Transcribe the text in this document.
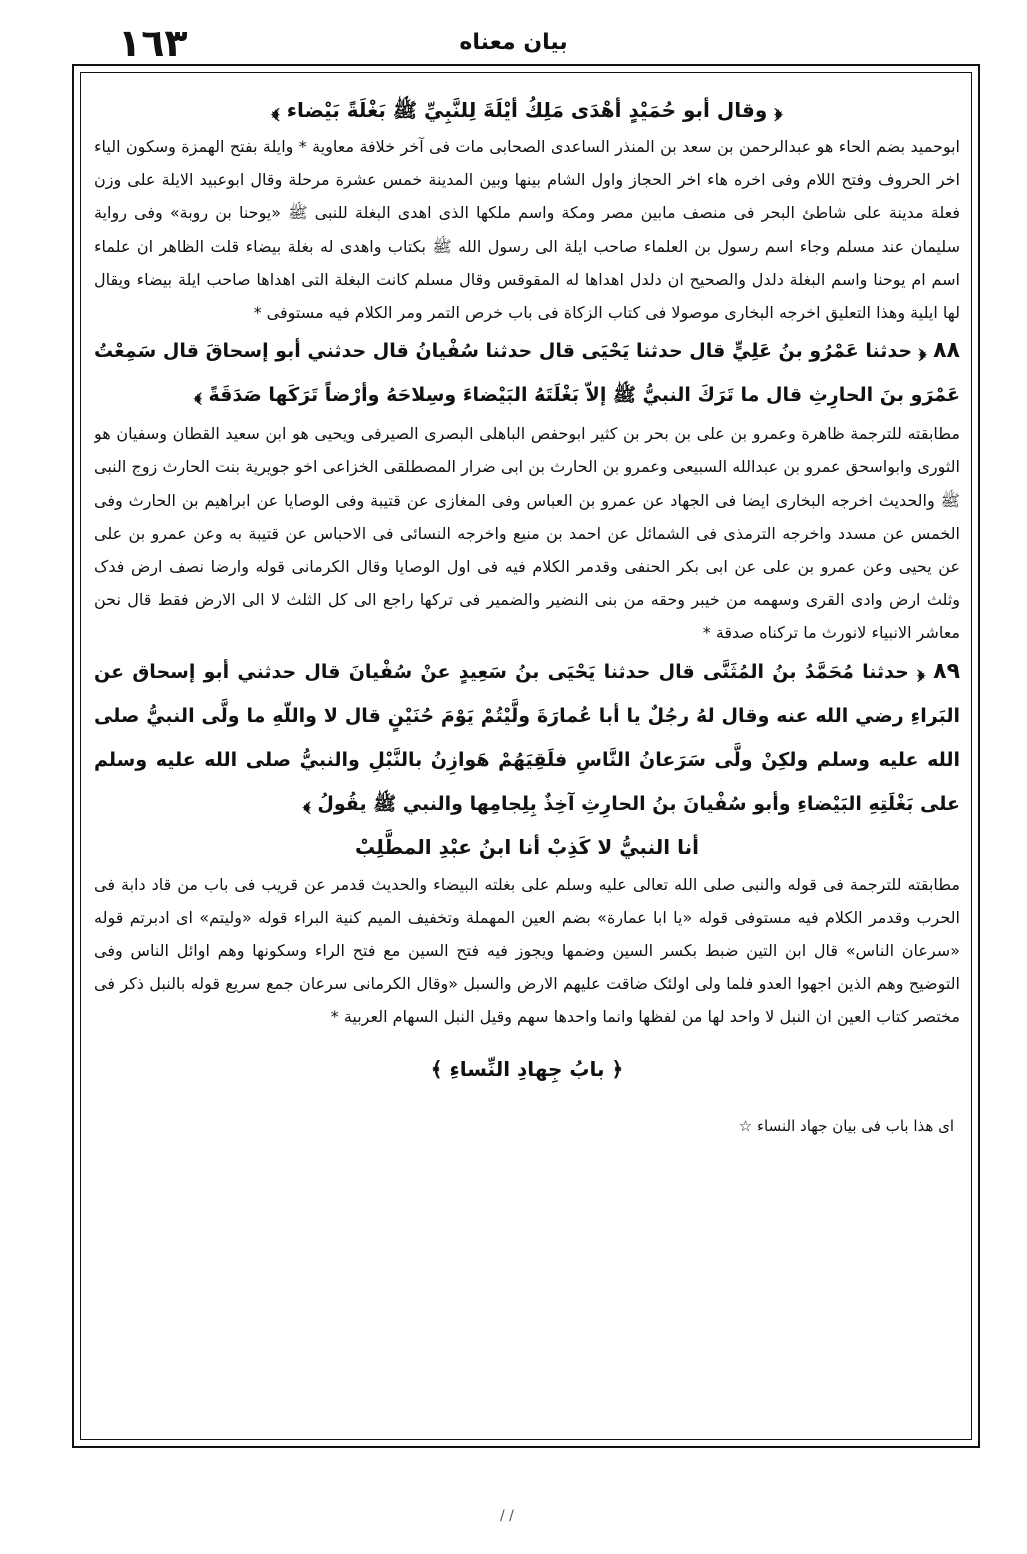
١٦٣	بیان معناه

﴿ وقال أبو حُمَيْدٍ أهْدَى مَلِكُ أيْلَةَ لِلنَّبِيِّ ﷺ بَغْلَةً بَيْضاء ﴾

ابوحمید بضم الحاء هو عبدالرحمن بن سعد بن المنذر الساعدی الصحابی مات فی آخر خلافة معاویة * وایلة بفتح الهمزة وسکون الیاء اخر الحروف وفتح اللام وفی اخره هاء اخر الحجاز واول الشام بینها وبین المدینة خمس عشرة مرحلة وقال ابوعبید الایلة علی وزن فعلة مدینة علی شاطئ البحر فی منصف مابین مصر ومکة واسم ملکها الذی اهدی البغلة للنبی ﷺ «یوحنا بن روبة» وفی روایة سلیمان عند مسلم وجاء اسم رسول بن العلماء صاحب ایلة الی رسول الله ﷺ بکتاب واهدی له بغلة بیضاء قلت الظاهر ان علماء اسم ام یوحنا واسم البغلة دلدل والصحیح ان دلدل اهداها له المقوقس وقال مسلم کانت البغلة التی اهداها صاحب ایلة بیضاء ویقال لها ایلیة وهذا التعلیق اخرجه البخاری موصولا فی کتاب الزکاة فی باب خرص التمر ومر الکلام فیه مستوفی *

٨٨ ﴿ حدثنا عَمْرُو بنُ عَلِيٍّ قال حدثنا يَحْيَى قال حدثنا سُفْيانُ قال حدثني أبو إسحاقَ قال سَمِعْتُ عَمْرَو بنَ الحارِثِ قال ما تَرَكَ النبيُّ ﷺ إلاّ بَغْلَتَهُ البَيْضاءَ وسِلاحَهُ وأرْضاً تَرَكَها صَدَقَةً ﴾

مطابقته للترجمة ظاهرة وعمرو بن علی بن بحر بن کثیر ابوحفص الباهلی البصری الصیرفی ویحیی هو ابن سعید القطان وسفیان هو الثوری وابواسحق عمرو بن عبدالله السبیعی وعمرو بن الحارث بن ابی ضرار المصطلقی الخزاعی اخو جویریة بنت الحارث زوج النبی ﷺ والحدیث اخرجه البخاری ایضا فی الجهاد عن عمرو بن العباس وفی المغازی عن قتیبة وفی الوصایا عن ابراهیم بن الحارث وفی الخمس عن مسدد واخرجه الترمذی فی الشمائل عن احمد بن منیع واخرجه النسائی فی الاحباس عن قتیبة به وعن عمرو بن علی عن یحیی وعن عمرو بن علی عن ابی بکر الحنفی وقدمر الکلام فیه فی اول الوصایا وقال الکرمانی قوله وارضا نصف ارض فدک وثلث ارض وادی القری وسهمه من خیبر وحقه من بنی النضیر والضمیر فی ترکها راجع الی کل الثلث لا الی الارض فقط قال نحن معاشر الانبیاء لانورث ما ترکناه صدقة *

٨٩ ﴿ حدثنا مُحَمَّدُ بنُ المُثَنَّى قال حدثنا يَحْيَى بنُ سَعِيدٍ عنْ سُفْيانَ قال حدثني أبو إسحاق عن البَراءِ رضي الله عنه وقال لهُ رجُلٌ يا أبا عُمارَةَ ولَّيْتُمْ يَوْمَ حُنَيْنٍ قال لا واللّهِ ما ولَّى النبيُّ صلى الله عليه وسلم ولكِنْ ولَّى سَرَعانُ النَّاسِ فلَقِيَهُمْ هَوازِنُ بالنَّبْلِ والنبيُّ صلى الله عليه وسلم على بَغْلَتِهِ البَيْضاءِ وأبو سُفْيانَ بنُ الحارِثِ آخِذٌ بِلِجامِها والنبي ﷺ يقُولُ ﴾

أنا النبيُّ لا كَذِبْ أنا ابنُ عبْدِ المطَّلِبْ

مطابقته للترجمة فی قوله والنبی صلی الله تعالی علیه وسلم علی بغلته البیضاء والحدیث قدمر عن قریب فی باب من قاد دابة فی الحرب وقدمر الکلام فیه مستوفی قوله «یا ابا عمارة» بضم العین المهملة وتخفیف المیم کنیة البراء قوله «ولیتم» ای ادبرتم قوله «سرعان الناس» قال ابن التین ضبط بکسر السین وضمها ویجوز فیه فتح السین مع فتح الراء وسکونها وهم اوائل الناس وفی التوضیح وهم الذین اجهوا العدو فلما ولی اولئک ضاقت علیهم الارض والسبل «وقال الکرمانی سرعان جمع سریع قوله بالنبل ذکر فی مختصر کتاب العین ان النبل لا واحد لها من لفظها وانما واحدها سهم وقیل النبل السهام العربیة *

﴿ بابُ جِهادِ النِّساءِ ﴾

ای هذا باب فی بیان جهاد النساء ☆

/ /
